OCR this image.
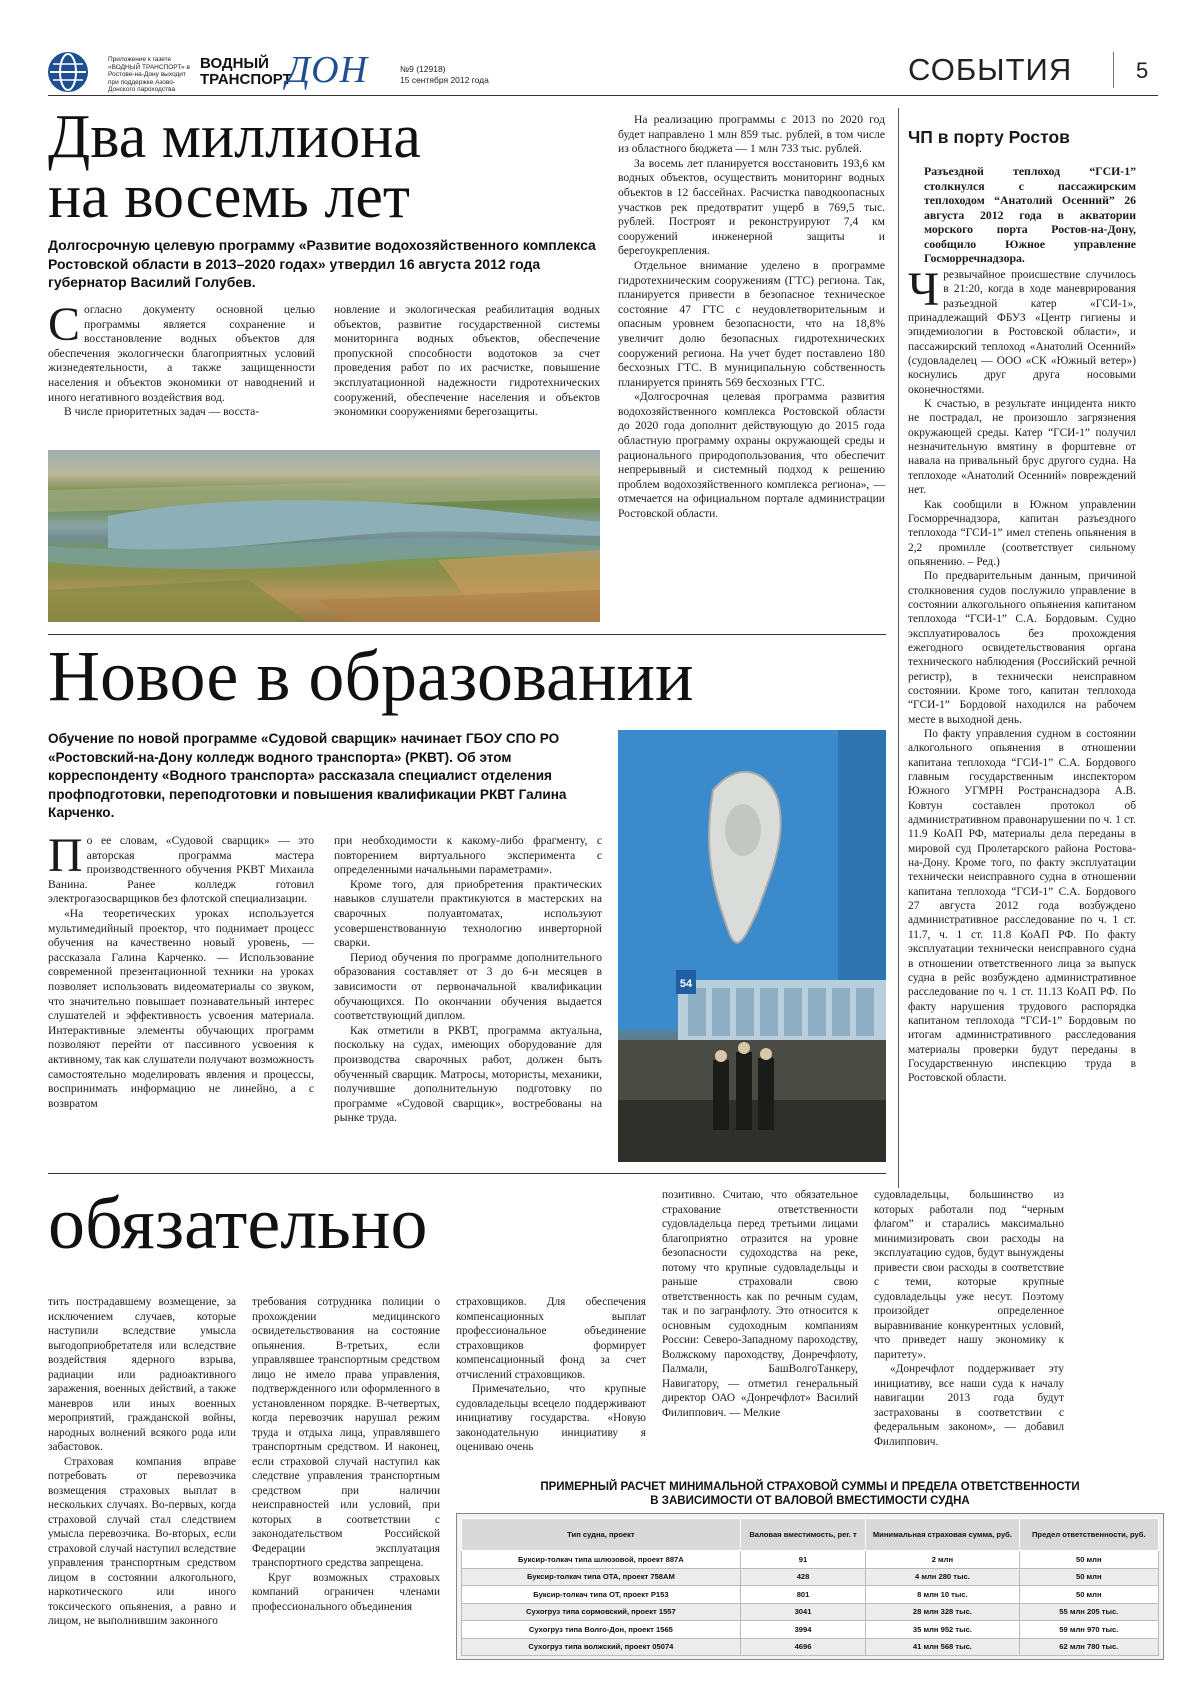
Приложение к газете «ВОДНЫЙ ТРАНСПОРТ» в Ростове-на-Дону выходит при поддержке Азово-Донского пароходства
ВОДНЫЙ
ТРАНСПОРТ
ДОН	№9 (12918)
15 сентября 2012 года	СОБЫТИЯ	5
Два миллиона
на восемь лет
Долгосрочную целевую программу «Развитие водохозяйственного комплекса Ростовской области в 2013–2020 годах» утвердил 16 августа 2012 года губернатор Василий Голубев.

Согласно документу основной целью программы является сохранение и восстановление водных объектов для обеспечения экологически благоприятных условий жизнедеятельности, а также защищенности населения и объектов экономики от наводнений и иного негативного воздействия вод.

В числе приоритетных задач — восста-

новление и экологическая реабилитация водных объектов, развитие государственной системы мониторинга водных объектов, обеспечение пропускной способности водотоков за счет проведения работ по их расчистке, повышение эксплуатационной надежности гидротехнических сооружений, обеспечение населения и объектов экономики сооружениями берегозащиты.

На реализацию программы с 2013 по 2020 год будет направлено 1 млн 859 тыс. рублей, в том числе из областного бюджета — 1 млн 733 тыс. рублей.

За восемь лет планируется восстановить 193,6 км водных объектов, осуществить мониторинг водных объектов в 12 бассейнах. Расчистка паводкоопасных участков рек предотвратит ущерб в 769,5 тыс. рублей. Построят и реконструируют 7,4 км сооружений инженерной защиты и берегоукрепления.

Отдельное внимание уделено в программе гидротехническим сооружениям (ГТС) региона. Так, планируется привести в безопасное техническое состояние 47 ГТС с неудовлетворительным и опасным уровнем безопасности, что на 18,8% увеличит долю безопасных гидротехнических сооружений региона. На учет будет поставлено 180 бесхозных ГТС. В муниципальную собственность планируется принять 569 бесхозных ГТС.

«Долгосрочная целевая программа развития водохозяйственного комплекса Ростовской области до 2020 года дополнит действующую до 2015 года областную программу охраны окружающей среды и рационального природопользования, что обеспечит непрерывный и системный подход к решению проблем водохозяйственного комплекса региона», — отмечается на официальном портале администрации Ростовской области.

ЧП в порту Ростов
Разъездной теплоход “ГСИ-1” столкнулся с пассажирским теплоходом “Анатолий Осенний” 26 августа 2012 года в акватории морского порта Ростов-на-Дону, сообщило Южное управление Госморречнадзора.

Чрезвычайное происшествие случилось в 21:20, когда в ходе маневрирования разъездной катер «ГСИ-1», принадлежащий ФБУЗ «Центр гигиены и эпидемиологии в Ростовской области», и пассажирский теплоход «Анатолий Осенний» (судовладелец — ООО «СК «Южный ветер») коснулись друг друга носовыми оконечностями.

К счастью, в результате инцидента никто не пострадал, не произошло загрязнения окружающей среды. Катер “ГСИ-1” получил незначительную вмятину в форштевне от навала на привальный брус другого судна. На теплоходе «Анатолий Осенний» повреждений нет.

Как сообщили в Южном управлении Госморречнадзора, капитан разъездного теплохода “ГСИ-1” имел степень опьянения в 2,2 промилле (соответствует сильному опьянению. – Ред.)

По предварительным данным, причиной столкновения судов послужило управление в состоянии алкогольного опьянения капитаном теплохода “ГСИ-1” С.А. Бордовым. Судно эксплуатировалось без прохождения ежегодного освидетельствования органа технического наблюдения (Российский речной регистр), в технически неисправном состоянии. Кроме того, капитан теплохода “ГСИ-1” Бордовой находился на рабочем месте в выходной день.

По факту управления судном в состоянии алкогольного опьянения в отношении капитана теплохода “ГСИ-1” С.А. Бордового главным государственным инспектором Южного УГМРН Ространснадзора А.В. Ковтун составлен протокол об административном правонарушении по ч. 1 ст. 11.9 КоАП РФ, материалы дела переданы в мировой суд Пролетарского района Ростова-на-Дону. Кроме того, по факту эксплуатации технически неисправного судна в отношении капитана теплохода “ГСИ-1” С.А. Бордового 27 августа 2012 года возбуждено административное расследование по ч. 1 ст. 11.7, ч. 1 ст. 11.8 КоАП РФ. По факту эксплуатации технически неисправного судна в отношении ответственного лица за выпуск судна в рейс возбуждено административное расследование по ч. 1 ст. 11.13 КоАП РФ. По факту нарушения трудового распорядка капитаном теплохода “ГСИ-1” Бордовым по итогам административного расследования материалы проверки будут переданы в Государственную инспекцию труда в Ростовской области.

Новое в образовании
Обучение по новой программе «Судовой сварщик» начинает ГБОУ СПО РО «Ростовский-на-Дону колледж водного транспорта» (РКВТ). Об этом корреспонденту «Водного транспорта» рассказала специалист отделения профподготовки, переподготовки и повышения квалификации РКВТ Галина Карченко.

По ее словам, «Судовой сварщик» — это авторская программа мастера производственного обучения РКВТ Михаила Ванина. Ранее колледж готовил электрогазосварщиков без флотской специализации.

«На теоретических уроках используется мультимедийный проектор, что поднимает процесс обучения на качественно новый уровень, — рассказала Галина Карченко. — Использование современной презентационной техники на уроках позволяет использовать видеоматериалы со звуком, что значительно повышает познавательный интерес слушателей и эффективность усвоения материала. Интерактивные элементы обучающих программ позволяют перейти от пассивного усвоения к активному, так как слушатели получают возможность самостоятельно моделировать явления и процессы, воспринимать информацию не линейно, а с возвратом

при необходимости к какому-либо фрагменту, с повторением виртуального эксперимента с определенными начальными параметрами».

Кроме того, для приобретения практических навыков слушатели практикуются в мастерских на сварочных полуавтоматах, используют усовершенствованную технологию инверторной сварки.

Период обучения по программе дополнительного образования составляет от 3 до 6-и месяцев в зависимости от первоначальной квалификации обучающихся. По окончании обучения выдается соответствующий диплом.

Как отметили в РКВТ, программа актуальна, поскольку на судах, имеющих оборудование для производства сварочных работ, должен быть обученный сварщик. Матросы, мотористы, механики, получившие дополнительную подготовку по программе «Судовой сварщик», востребованы на рынке труда.

54
обязательно

тить пострадавшему возмещение, за исключением случаев, которые наступили вследствие умысла выгодоприобретателя или вследствие воздействия ядерного взрыва, радиации или радиоактивного заражения, военных действий, а также маневров или иных военных мероприятий, гражданской войны, народных волнений всякого рода или забастовок.

Страховая компания вправе потребовать от перевозчика возмещения страховых выплат в нескольких случаях. Во-первых, когда страховой случай стал следствием умысла перевозчика. Во-вторых, если страховой случай наступил вследствие управления транспортным средством лицом в состоянии алкогольного, наркотического или иного токсического опьянения, а равно и лицом, не выполнившим законного

требования сотрудника полиции о прохождении медицинского освидетельствования на состояние опьянения. В-третьих, если управлявшее транспортным средством лицо не имело права управления, подтвержденного или оформленного в установленном порядке. В-четвертых, когда перевозчик нарушал режим труда и отдыха лица, управлявшего транспортным средством. И наконец, если страховой случай наступил как следствие управления транспортным средством при наличии неисправностей или условий, при которых в соответствии с законодательством Российской Федерации эксплуатация транспортного средства запрещена.

Круг возможных страховых компаний ограничен членами профессионального объединения

страховщиков. Для обеспечения компенсационных выплат профессиональное объединение страховщиков формирует компенсационный фонд за счет отчислений страховщиков.

Примечательно, что крупные судовладельцы всецело поддерживают инициативу государства. «Новую законодательную инициативу я оцениваю очень

позитивно. Считаю, что обязательное страхование ответственности судовладельца перед третьими лицами благоприятно отразится на уровне безопасности судоходства на реке, потому что крупные судовладельцы и раньше страховали свою ответственность как по речным судам, так и по загранфлоту. Это относится к основным судоходным компаниям России: Северо-Западному пароходству, Волжскому пароходству, Донречфлоту, Палмали, БашВолгоТанкеру, Навигатору, — отметил генеральный директор ОАО «Донречфлот» Василий Филиппович. — Мелкие

судовладельцы, большинство из которых работали под “черным флагом” и старались максимально минимизировать свои расходы на эксплуатацию судов, будут вынуждены привести свои расходы в соответствие с теми, которые крупные судовладельцы уже несут. Поэтому произойдет определенное выравнивание конкурентных условий, что приведет нашу экономику к паритету».

«Донречфлот поддерживает эту инициативу, все наши суда к началу навигации 2013 года будут застрахованы в соответствии с федеральным законом», — добавил Филиппович.

ПРИМЕРНЫЙ РАСЧЕТ МИНИМАЛЬНОЙ СТРАХОВОЙ СУММЫ И ПРЕДЕЛА ОТВЕТСТВЕННОСТИ
В ЗАВИСИМОСТИ ОТ ВАЛОВОЙ ВМЕСТИМОСТИ СУДНА
Тип судна, проект	Валовая вместимость, рег. т	Минимальная страховая сумма, руб.	Предел ответственности, руб.
Буксир-толкач типа шлюзовой, проект 887А	91	2 млн	50 млн
Буксир-толкач типа ОТА, проект 758АМ	428	4 млн 280 тыс.	50 млн
Буксир-толкач типа ОТ, проект Р153	801	8 млн 10 тыс.	50 млн
Сухогруз типа сормовский, проект 1557	3041	28 млн 328 тыс.	55 млн 205 тыс.
Сухогруз типа Волго-Дон, проект 1565	3994	35 млн 952 тыс.	59 млн 970 тыс.
Сухогруз типа волжский, проект 05074	4696	41 млн 568 тыс.	62 млн 780 тыс.
